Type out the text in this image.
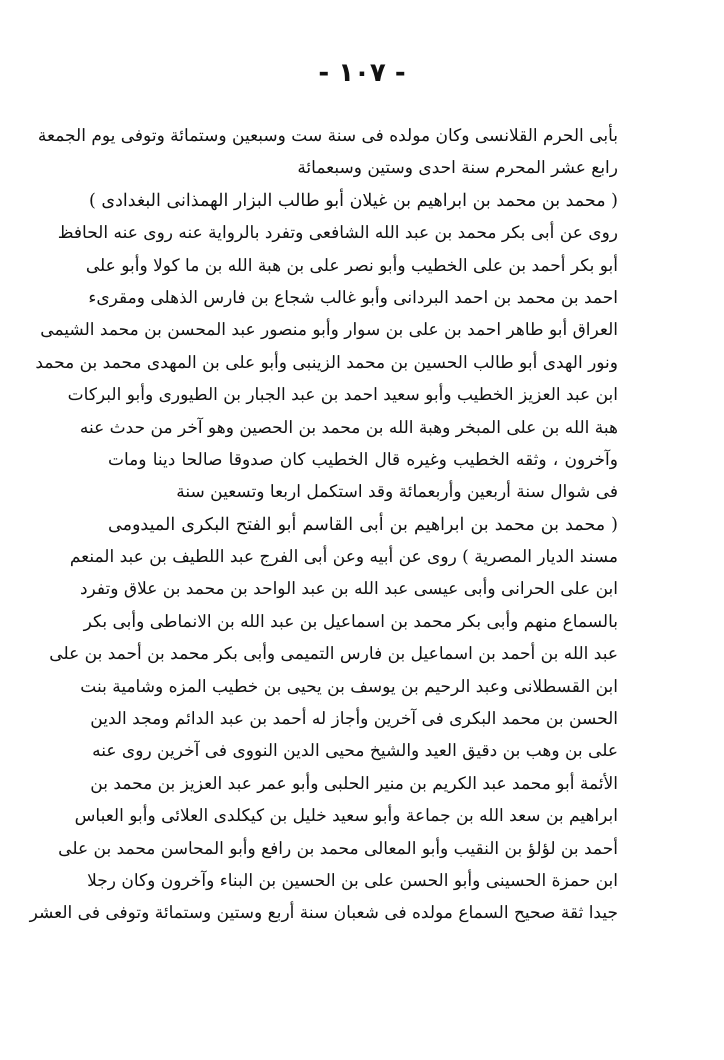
- ١٠٧ -
بأبى الحرم القلانسى وكان مولده فى سنة ست وسبعين وستمائة وتوفى يوم الجمعة
رابع عشر المحرم سنة احدى وستين وسبعمائة
( محمد بن محمد بن ابراهيم بن غيلان أبو طالب البزار الهمذانى البغدادى )
روى عن أبى بكر محمد بن عبد الله الشافعى وتفرد بالرواية عنه روى عنه الحافظ
أبو بكر أحمد بن على الخطيب وأبو نصر على بن هبة الله بن ما كولا وأبو على
احمد بن محمد بن احمد البردانى وأبو غالب شجاع بن فارس الذهلى ومقرىء
العراق أبو طاهر احمد بن على بن سوار وأبو منصور عبد المحسن بن محمد الشيمى
ونور الهدى أبو طالب الحسين بن محمد الزينبى وأبو على بن المهدى محمد بن محمد
ابن عبد العزيز الخطيب وأبو سعيد احمد بن عبد الجبار بن الطيورى وأبو البركات
هبة الله بن على المبخر وهبة الله بن محمد بن الحصين وهو آخر من حدث عنه
وآخرون ، وثقه الخطيب وغيره قال الخطيب كان صدوقا صالحا دينا ومات
فى شوال سنة أربعين وأربعمائة وقد استكمل اربعا وتسعين سنة
( محمد بن محمد بن ابراهيم بن أبى القاسم أبو الفتح البكرى الميدومى
مسند الديار المصرية ) روى عن أبيه وعن أبى الفرج عبد اللطيف بن عبد المنعم
ابن على الحرانى وأبى عيسى عبد الله بن عبد الواحد بن محمد بن علاق وتفرد
بالسماع منهم وأبى بكر محمد بن اسماعيل بن عبد الله بن الانماطى وأبى بكر
عبد الله بن أحمد بن اسماعيل بن فارس التميمى وأبى بكر محمد بن أحمد بن على
ابن القسطلانى وعبد الرحيم بن يوسف بن يحيى بن خطيب المزه وشامية بنت
الحسن بن محمد البكرى فى آخرين وأجاز له أحمد بن عبد الدائم ومجد الدين
على بن وهب بن دقيق العيد والشيخ محيى الدين النووى فى آخرين روى عنه
الأئمة أبو محمد عبد الكريم بن منير الحلبى وأبو عمر عبد العزيز بن محمد بن
ابراهيم بن سعد الله بن جماعة وأبو سعيد خليل بن كيكلدى العلائى وأبو العباس
أحمد بن لؤلؤ بن النقيب وأبو المعالى محمد بن رافع وأبو المحاسن محمد بن على
ابن حمزة الحسينى وأبو الحسن على بن الحسين بن البناء وآخرون وكان رجلا
جيدا ثقة صحيح السماع مولده فى شعبان سنة أربع وستين وستمائة وتوفى فى العشر
